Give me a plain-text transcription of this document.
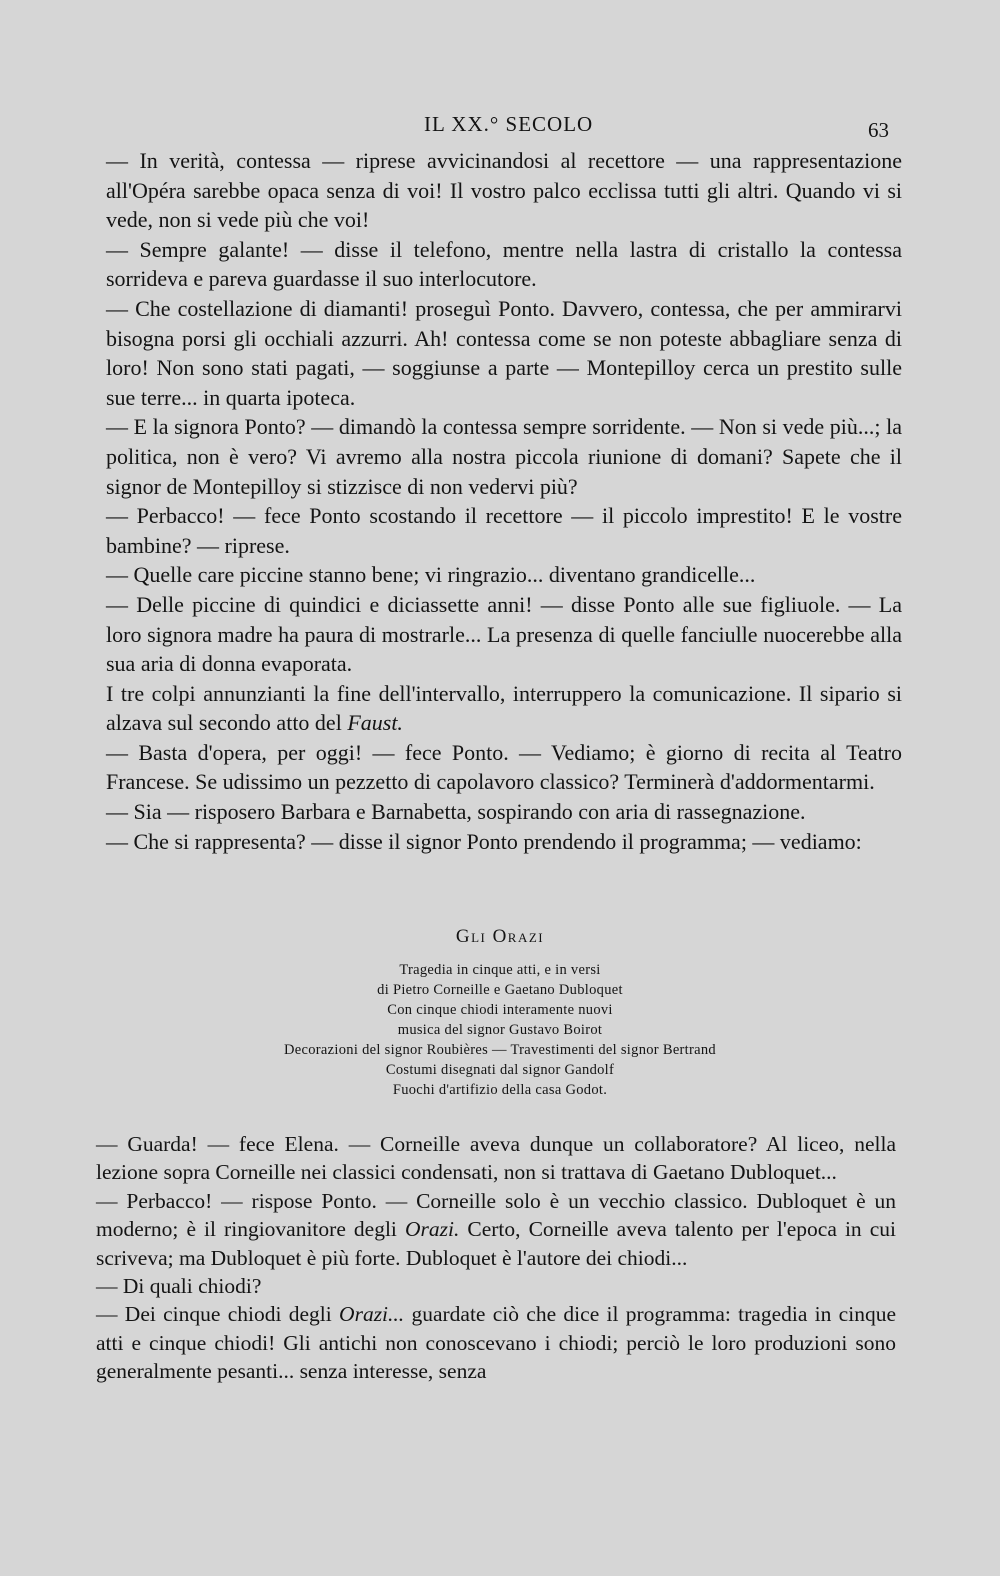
IL XX.° SECOLO	63

— In verità, contessa — riprese avvicinandosi al recettore — una rappresentazione all'Opéra sarebbe opaca senza di voi! Il vostro palco ecclissa tutti gli altri. Quando vi si vede, non si vede più che voi!

— Sempre galante! — disse il telefono, mentre nella lastra di cristallo la contessa sorrideva e pareva guardasse il suo interlocutore.

— Che costellazione di diamanti! proseguì Ponto. Davvero, contessa, che per ammirarvi bisogna porsi gli occhiali azzurri. Ah! contessa come se non poteste abbagliare senza di loro! Non sono stati pagati, — soggiunse a parte — Montepilloy cerca un prestito sulle sue terre... in quarta ipoteca.

— E la signora Ponto? — dimandò la contessa sempre sorridente. — Non si vede più...; la politica, non è vero? Vi avremo alla nostra piccola riunione di domani? Sapete che il signor de Montepilloy si stizzisce di non vedervi più?

— Perbacco! — fece Ponto scostando il recettore — il piccolo imprestito! E le vostre bambine? — riprese.

— Quelle care piccine stanno bene; vi ringrazio... diventano grandicelle...

— Delle piccine di quindici e diciassette anni! — disse Ponto alle sue figliuole. — La loro signora madre ha paura di mostrarle... La presenza di quelle fanciulle nuocerebbe alla sua aria di donna evaporata.

I tre colpi annunzianti la fine dell'intervallo, interruppero la comunicazione. Il sipario si alzava sul secondo atto del Faust.

— Basta d'opera, per oggi! — fece Ponto. — Vediamo; è giorno di recita al Teatro Francese. Se udissimo un pezzetto di capolavoro classico? Terminerà d'addormentarmi.

— Sia — risposero Barbara e Barnabetta, sospirando con aria di rassegnazione.

— Che si rappresenta? — disse il signor Ponto prendendo il programma; — vediamo:

Gli Orazi
Tragedia in cinque atti, e in versi
di Pietro Corneille e Gaetano Dubloquet
Con cinque chiodi interamente nuovi
musica del signor Gustavo Boirot
Decorazioni del signor Roubières — Travestimenti del signor Bertrand
Costumi disegnati dal signor Gandolf
Fuochi d'artifizio della casa Godot.

— Guarda! — fece Elena. — Corneille aveva dunque un collaboratore? Al liceo, nella lezione sopra Corneille nei classici condensati, non si trattava di Gaetano Dubloquet...

— Perbacco! — rispose Ponto. — Corneille solo è un vecchio classico. Dubloquet è un moderno; è il ringiovanitore degli Orazi. Certo, Corneille aveva talento per l'epoca in cui scriveva; ma Dubloquet è più forte. Dubloquet è l'autore dei chiodi...

— Di quali chiodi?

— Dei cinque chiodi degli Orazi... guardate ciò che dice il programma: tragedia in cinque atti e cinque chiodi! Gli antichi non conoscevano i chiodi; perciò le loro produzioni sono generalmente pesanti... senza interesse, senza
